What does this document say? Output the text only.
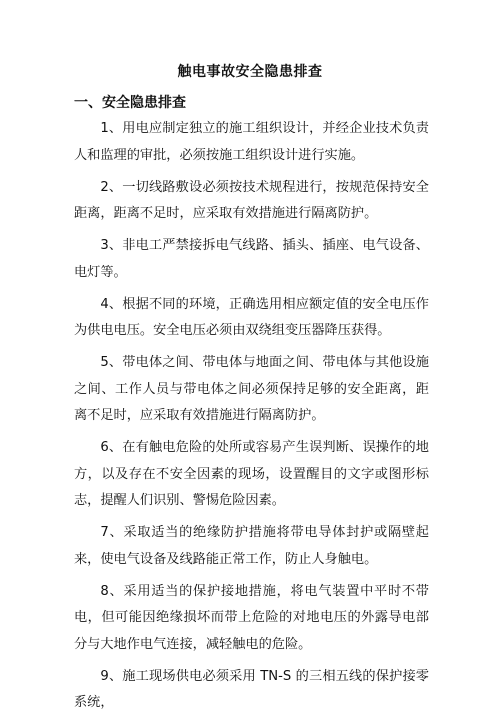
触电事故安全隐患排查
一、安全隐患排查

1、用电应制定独立的施工组织设计，并经企业技术负责人和监理的审批，必须按施工组织设计进行实施。

2、一切线路敷设必须按技术规程进行，按规范保持安全距离，距离不足时，应采取有效措施进行隔离防护。

3、非电工严禁接拆电气线路、插头、插座、电气设备、电灯等。

4、根据不同的环境，正确选用相应额定值的安全电压作为供电电压。安全电压必须由双绕组变压器降压获得。

5、带电体之间、带电体与地面之间、带电体与其他设施之间、工作人员与带电体之间必须保持足够的安全距离，距离不足时，应采取有效措施进行隔离防护。

6、在有触电危险的处所或容易产生误判断、误操作的地方，以及存在不安全因素的现场，设置醒目的文字或图形标志，提醒人们识别、警惕危险因素。

7、采取适当的绝缘防护措施将带电导体封护或隔壁起来，使电气设备及线路能正常工作，防止人身触电。

8、采用适当的保护接地措施，将电气装置中平时不带电，但可能因绝缘损坏而带上危险的对地电压的外露导电部分与大地作电气连接，减轻触电的危险。

9、施工现场供电必须采用 TN-S 的三相五线的保护接零系统，
